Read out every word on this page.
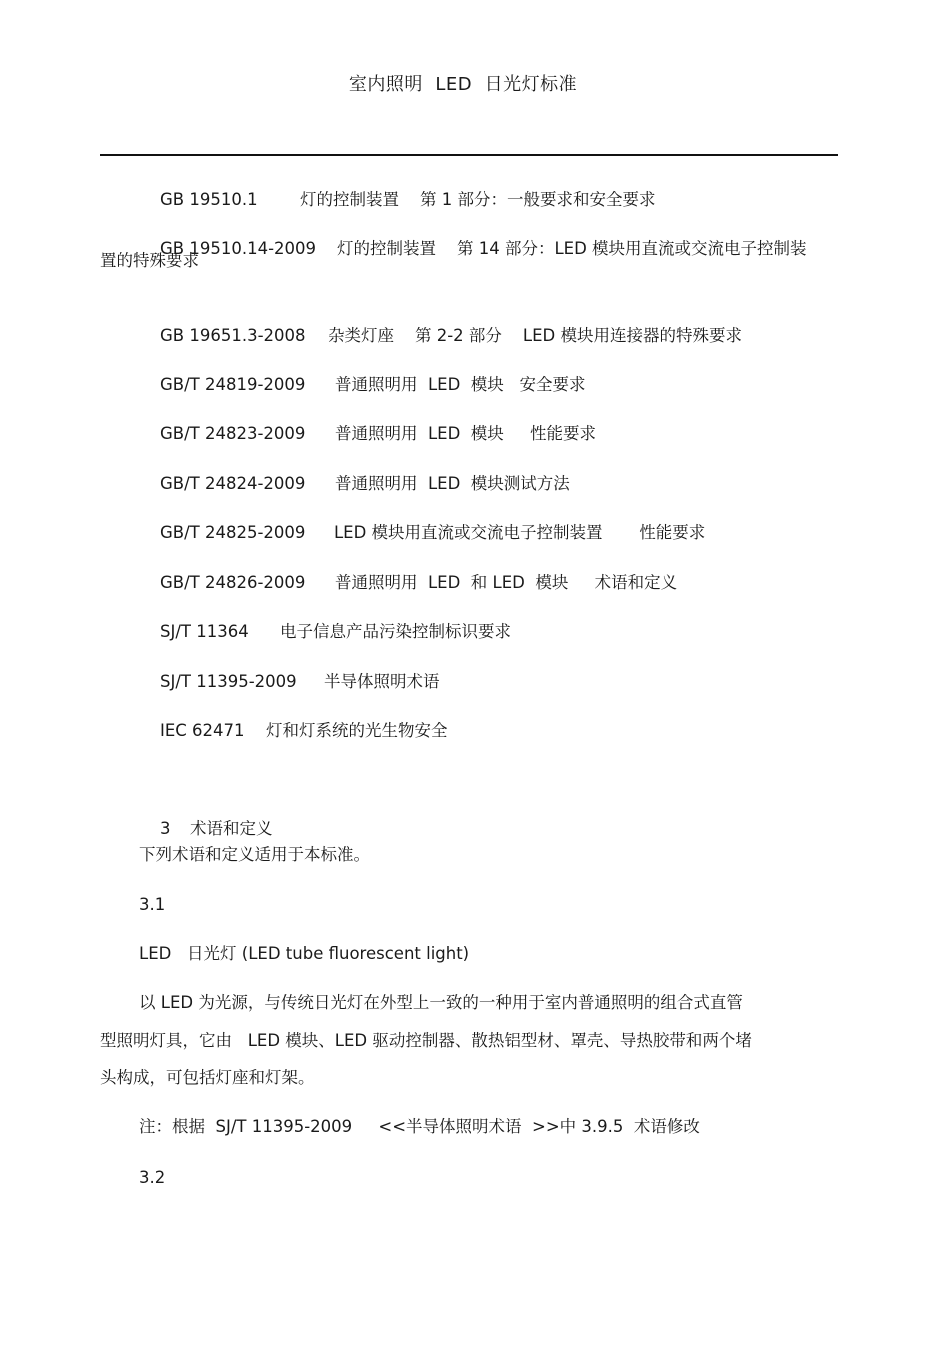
室内照明  LED  日光灯标准

GB 19510.1	灯的控制装置    第 1 部分：一般要求和安全要求

GB 19510.14-2009 灯的控制装置    第 14 部分：LED 模块用直流或交流电子控制装

置的特殊要求

GB 19651.3-2008 杂类灯座    第 2-2 部分    LED 模块用连接器的特殊要求

GB/T 24819-2009 普通照明用  LED  模块   安全要求

GB/T 24823-2009 普通照明用  LED  模块     性能要求

GB/T 24824-2009 普通照明用  LED  模块测试方法

GB/T 24825-2009 LED 模块用直流或交流电子控制装置       性能要求

GB/T 24826-2009 普通照明用  LED  和 LED  模块     术语和定义

SJ/T 11364 电子信息产品污染控制标识要求

SJ/T 11395-2009 半导体照明术语

IEC 62471 灯和灯系统的光生物安全

3 术语和定义

下列术语和定义适用于本标准。
3.1
LED   日光灯 (LED tube fluorescent light)
以 LED 为光源，与传统日光灯在外型上一致的一种用于室内普通照明的组合式直管
型照明灯具，它由   LED 模块、LED 驱动控制器、散热铝型材、罩壳、导热胶带和两个堵
头构成，可包括灯座和灯架。
注：根据  SJ/T 11395-2009     <<半导体照明术语  >>中 3.9.5  术语修改
3.2
